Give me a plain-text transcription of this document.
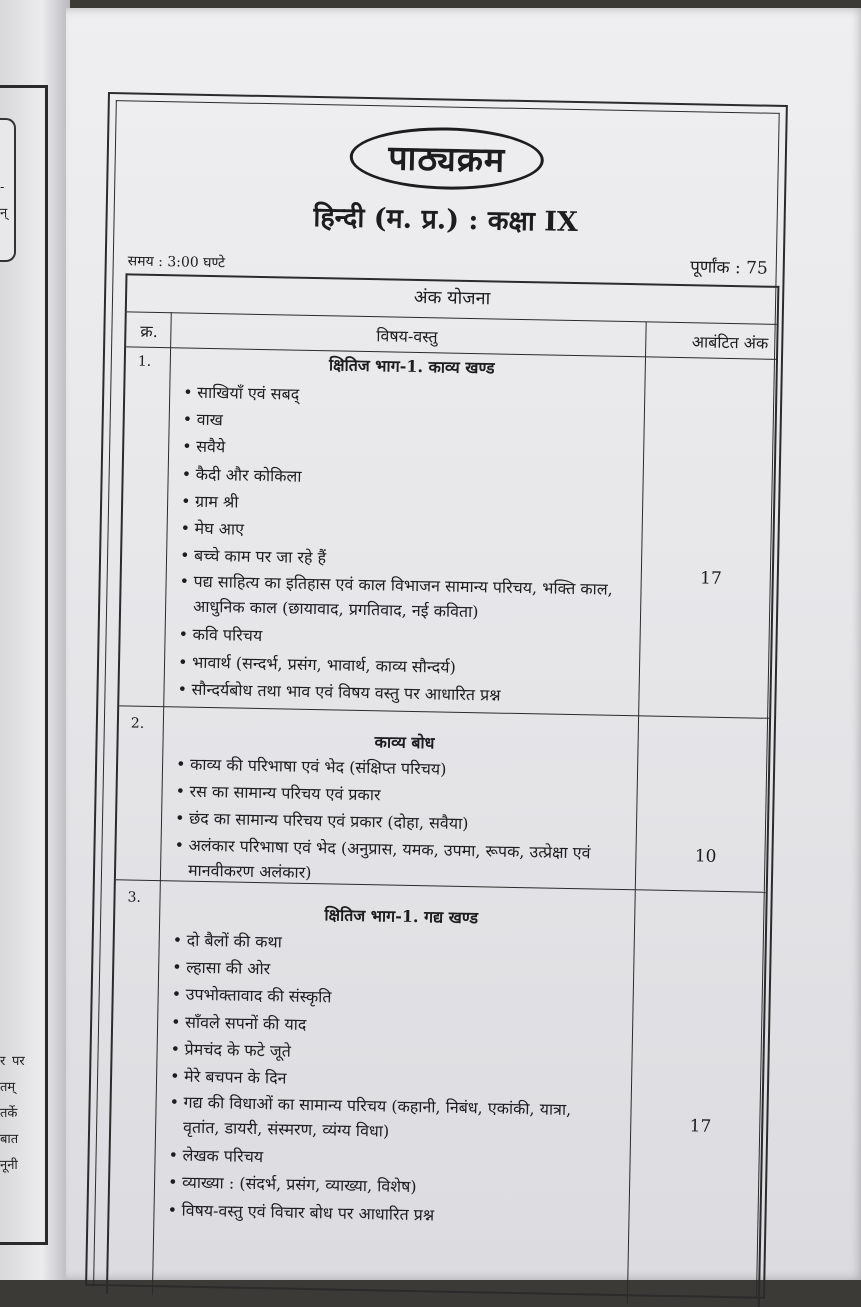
-
न्
र पर
तम्
तर्के
बात
नूनी
पाठ्यक्रम
हिन्दी (म. प्र.) : कक्षा IX
समय : 3:00 घण्टे	पूर्णांक : 75
अंक योजना
क्र.	विषय-वस्तु	आबंटित अंक
1.	क्षितिज भाग-1. काव्य खण्ड
• साखियाँ एवं सबद्
• वाख
• सवैये
• कैदी और कोकिला
• ग्राम श्री
• मेघ आए
• बच्चे काम पर जा रहे हैं
• पद्य साहित्य का इतिहास एवं काल विभाजन सामान्य परिचय, भक्ति काल, आधुनिक काल (छायावाद, प्रगतिवाद, नई कविता)
• कवि परिचय
• भावार्थ (सन्दर्भ, प्रसंग, भावार्थ, काव्य सौन्दर्य)
• सौन्दर्यबोध तथा भाव एवं विषय वस्तु पर आधारित प्रश्न
17
2.
काव्य बोध
• काव्य की परिभाषा एवं भेद (संक्षिप्त परिचय)
• रस का सामान्य परिचय एवं प्रकार
• छंद का सामान्य परिचय एवं प्रकार (दोहा, सवैया)
• अलंकार परिभाषा एवं भेद (अनुप्रास, यमक, उपमा, रूपक, उत्प्रेक्षा एवं मानवीकरण अलंकार)
10
3.
क्षितिज भाग-1. गद्य खण्ड
• दो बैलों की कथा
• ल्हासा की ओर
• उपभोक्तावाद की संस्कृति
• साँवले सपनों की याद
• प्रेमचंद के फटे जूते
• मेरे बचपन के दिन
• गद्य की विधाओं का सामान्य परिचय (कहानी, निबंध, एकांकी, यात्रा, वृतांत, डायरी, संस्मरण, व्यंग्य विधा)
• लेखक परिचय
• व्याख्या : (संदर्भ, प्रसंग, व्याख्या, विशेष)
• विषय-वस्तु एवं विचार बोध पर आधारित प्रश्न
17
